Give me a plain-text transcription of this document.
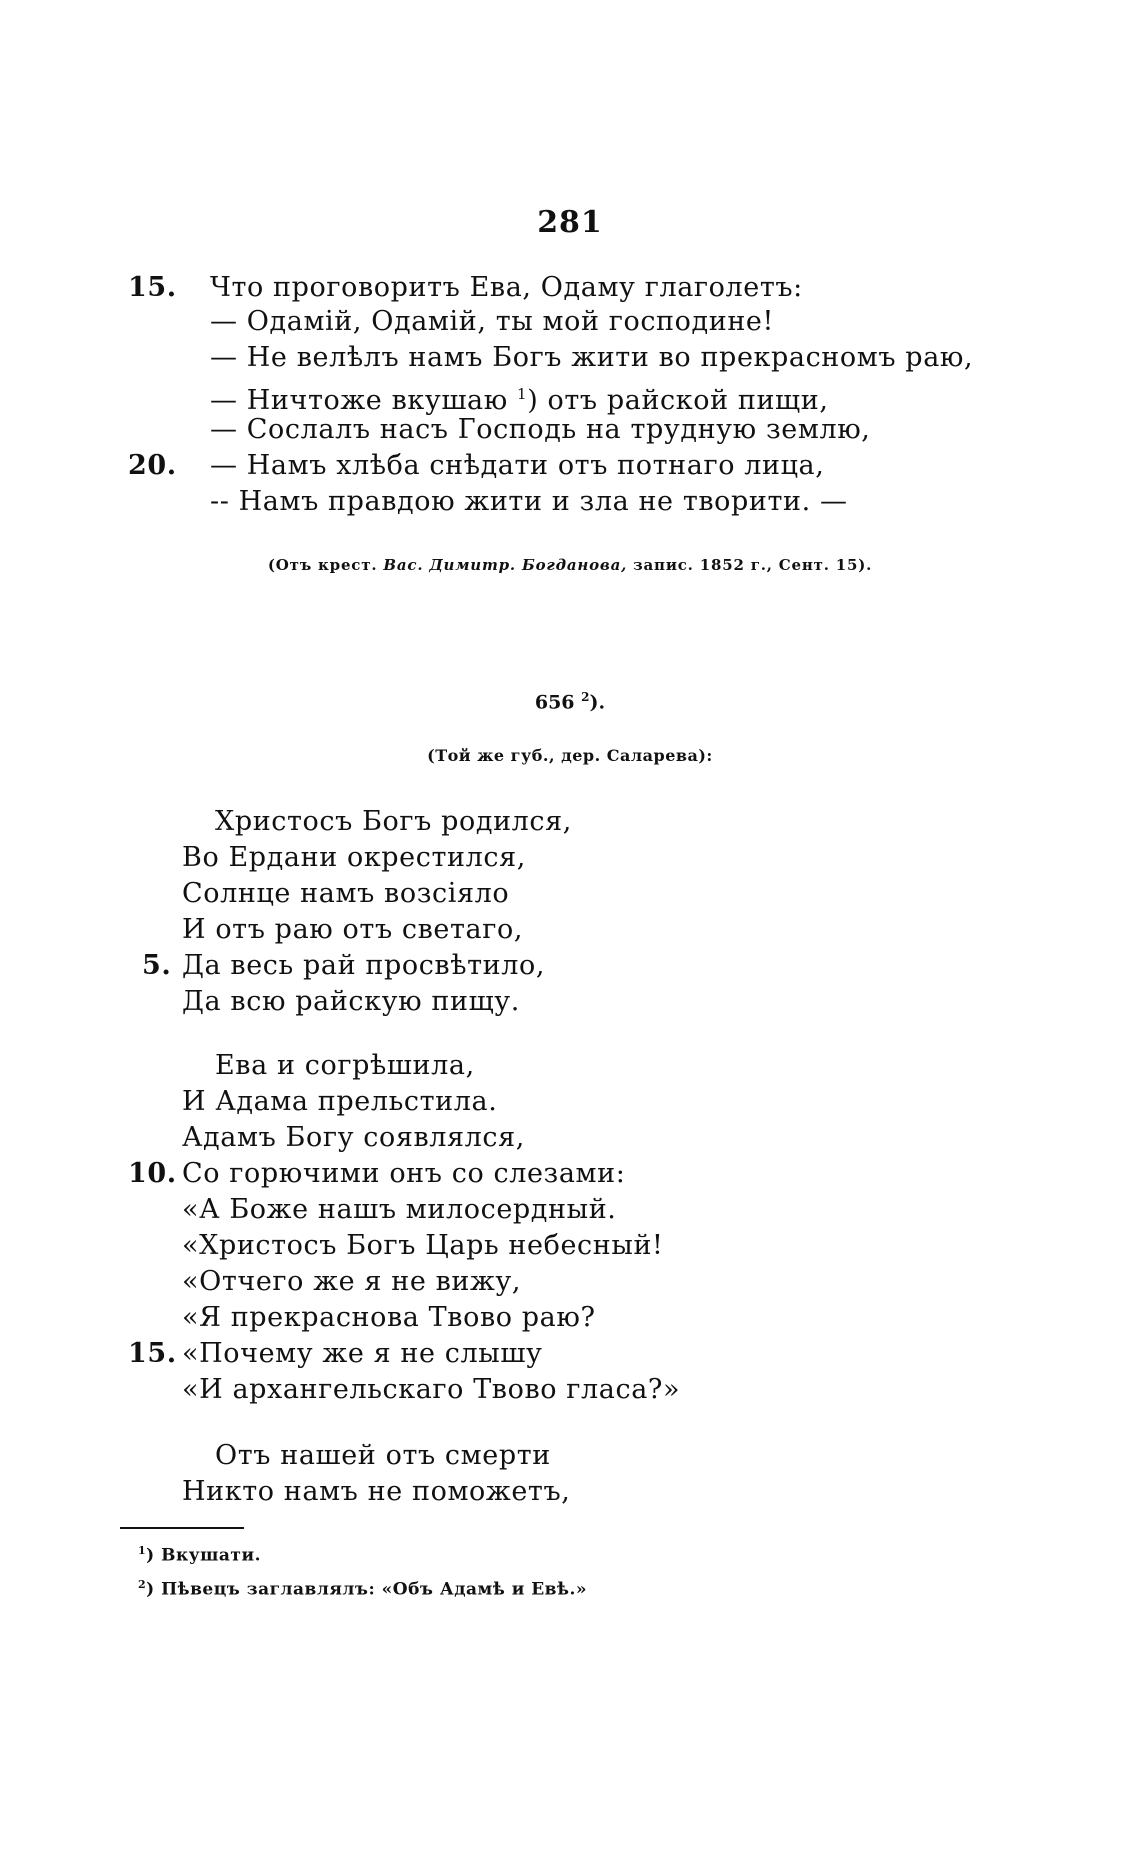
281
15.	Что проговоритъ Ева, Одаму глаголетъ:
— Одамій, Одамій, ты мой господине!
— Не велѣлъ намъ Богъ жити во прекрасномъ раю,
— Ничтоже вкушаю $^1$) отъ райской пищи,
— Сослалъ насъ Господь на трудную землю,
20.	— Намъ хлѣба снѣдати отъ потнаго лица,
-- Намъ правдою жити и зла не творити. —
(Отъ крест. Вас. Димитр. Богданова, запис. 1852 г., Сент. 15).
656 $^2$).
(Той же губ., дер. Саларева):
Христосъ Богъ родился,
Во Ердани окрестился,
Солнце намъ возсіяло
И отъ раю отъ светаго,
5. Да весь рай просвѣтило,
Да всю райскую пищу.
Ева и согрѣшила,
И Адама прельстила.
Адамъ Богу соявлялся,
10. Со горючими онъ со слезами:
«А Боже нашъ милосердный.
«Христосъ Богъ Царь небесный!
«Отчего же я не вижу,
«Я прекраснова Твово раю?
15. «Почему же я не слышу
«И архангельскаго Твово гласа?»
Отъ нашей отъ смерти
Никто намъ не поможетъ,
$^1$) Вкушати.
$^2$) Пѣвецъ заглавлялъ: «Объ Адамѣ и Евѣ.»
